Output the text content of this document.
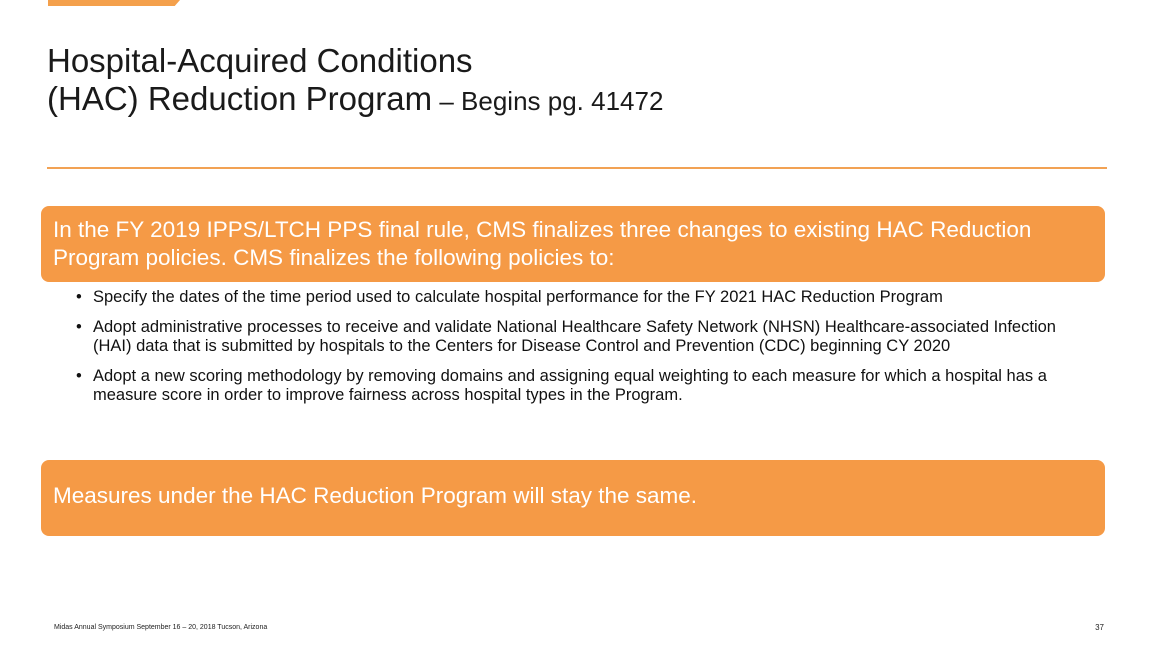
Hospital-Acquired Conditions
(HAC) Reduction Program – Begins pg. 41472
In the FY 2019 IPPS/LTCH PPS final rule, CMS finalizes three changes to existing HAC Reduction Program policies. CMS finalizes the following policies to:
• Specify the dates of the time period used to calculate hospital performance for the FY 2021 HAC Reduction Program
• Adopt administrative processes to receive and validate National Healthcare Safety Network (NHSN) Healthcare-associated Infection (HAI) data that is submitted by hospitals to the Centers for Disease Control and Prevention (CDC) beginning CY 2020
• Adopt a new scoring methodology by removing domains and assigning equal weighting to each measure for which a hospital has a measure score in order to improve fairness across hospital types in the Program.
Measures under the HAC Reduction Program will stay the same.
Midas Annual Symposium September 16 – 20, 2018 Tucson, Arizona	37
